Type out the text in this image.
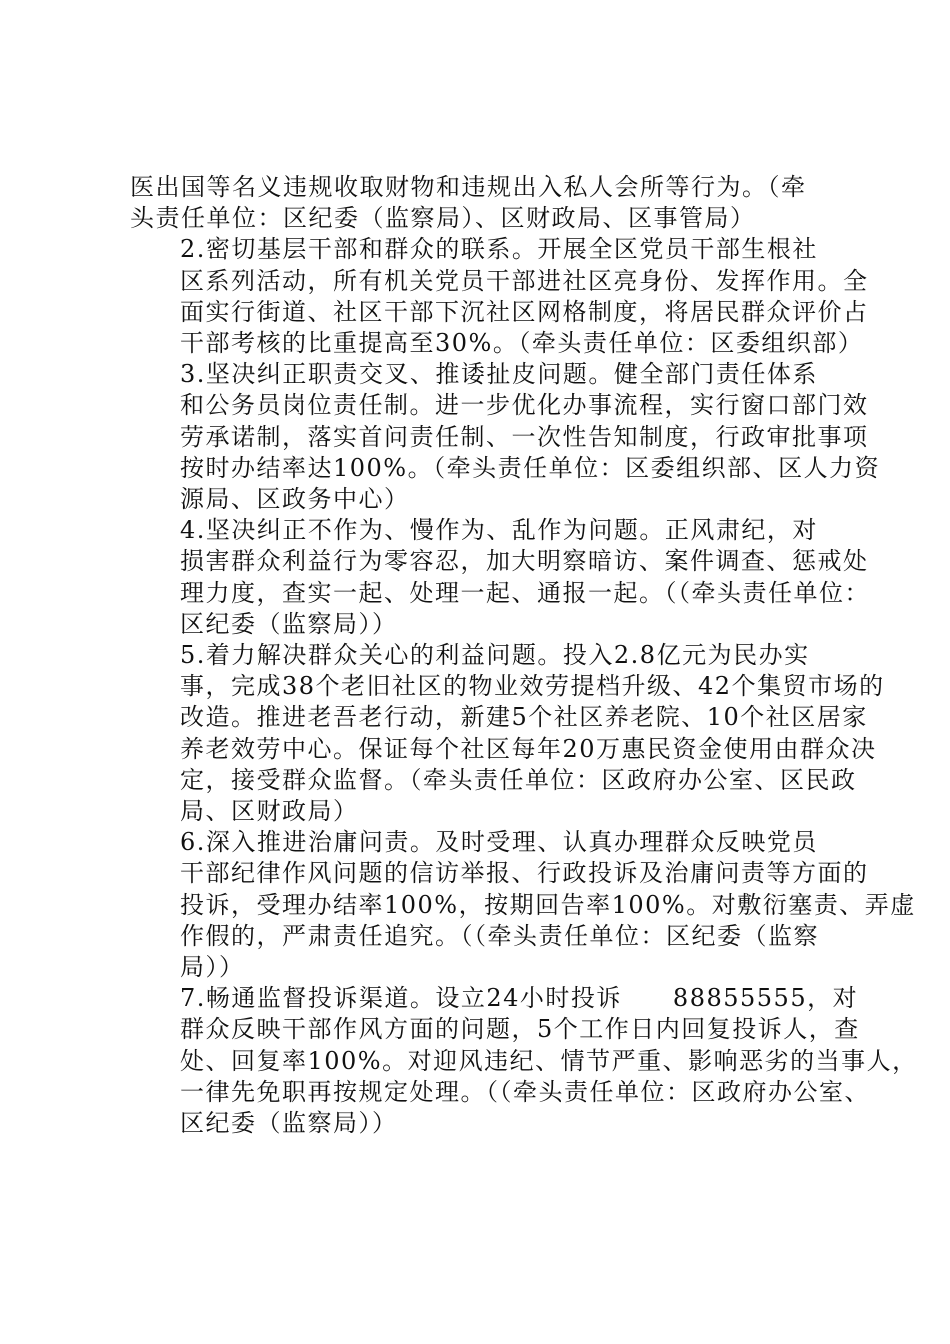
医出国等名义违规收取财物和违规出入私人会所等行为。（牵
头责任单位：区纪委（监察局）、区财政局、区事管局）

2.密切基层干部和群众的联系。开展全区党员干部生根社
区系列活动，所有机关党员干部进社区亮身份、发挥作用。全
面实行街道、社区干部下沉社区网格制度，将居民群众评价占
干部考核的比重提高至30%。（牵头责任单位：区委组织部）

3.坚决纠正职责交叉、推诿扯皮问题。健全部门责任体系
和公务员岗位责任制。进一步优化办事流程，实行窗口部门效
劳承诺制，落实首问责任制、一次性告知制度，行政审批事项
按时办结率达100%。（牵头责任单位：区委组织部、区人力资
源局、区政务中心）

4.坚决纠正不作为、慢作为、乱作为问题。正风肃纪，对
损害群众利益行为零容忍，加大明察暗访、案件调查、惩戒处
理力度，查实一起、处理一起、通报一起。（（牵头责任单位：
区纪委（监察局））

5.着力解决群众关心的利益问题。投入2.8亿元为民办实
事，完成38个老旧社区的物业效劳提档升级、42个集贸市场的
改造。推进老吾老行动，新建5个社区养老院、10个社区居家
养老效劳中心。保证每个社区每年20万惠民资金使用由群众决
定，接受群众监督。（牵头责任单位：区政府办公室、区民政
局、区财政局）

6.深入推进治庸问责。及时受理、认真办理群众反映党员
干部纪律作风问题的信访举报、行政投诉及治庸问责等方面的
投诉，受理办结率100%，按期回告率100%。对敷衍塞责、弄虚
作假的，严肃责任追究。（（牵头责任单位：区纪委（监察
局））

7.畅通监督投诉渠道。设立24小时投诉　　88855555，对
群众反映干部作风方面的问题，5个工作日内回复投诉人，查
处、回复率100%。对迎风违纪、情节严重、影响恶劣的当事人，
一律先免职再按规定处理。（（牵头责任单位：区政府办公室、
区纪委（监察局））
